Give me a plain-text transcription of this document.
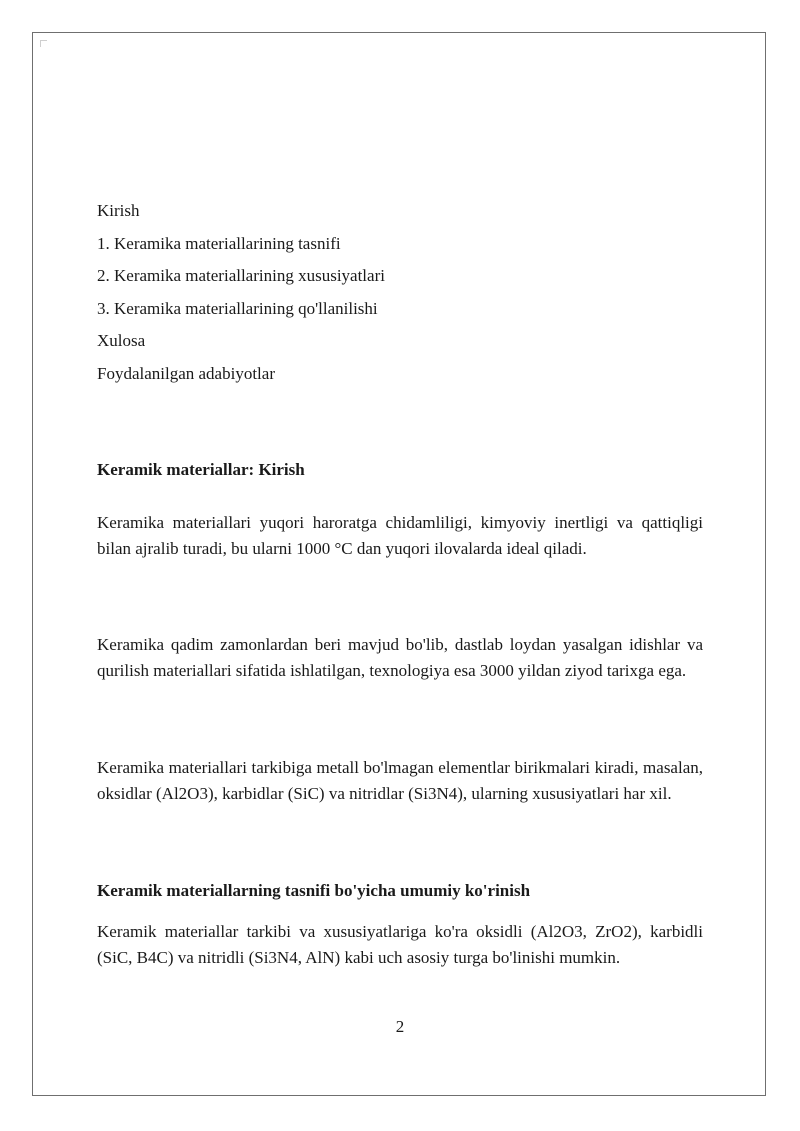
Kirish
1. Keramika materiallarining tasnifi
2. Keramika materiallarining xususiyatlari
3. Keramika materiallarining qo'llanilishi
Xulosa
Foydalanilgan adabiyotlar
Keramik materiallar: Kirish

Keramika materiallari yuqori haroratga chidamliligi, kimyoviy inertligi va qattiqligi bilan ajralib turadi, bu ularni 1000 °C dan yuqori ilovalarda ideal qiladi.

Keramika qadim zamonlardan beri mavjud bo'lib, dastlab loydan yasalgan idishlar va qurilish materiallari sifatida ishlatilgan, texnologiya esa 3000 yildan ziyod tarixga ega.

Keramika materiallari tarkibiga metall bo'lmagan elementlar birikmalari kiradi, masalan, oksidlar (Al2O3), karbidlar (SiC) va nitridlar (Si3N4), ularning xususiyatlari har xil.

Keramik materiallarning tasnifi bo'yicha umumiy ko'rinish

Keramik materiallar tarkibi va xususiyatlariga ko'ra oksidli (Al2O3, ZrO2), karbidli (SiC, B4C) va nitridli (Si3N4, AlN) kabi uch asosiy turga bo'linishi mumkin.

2
